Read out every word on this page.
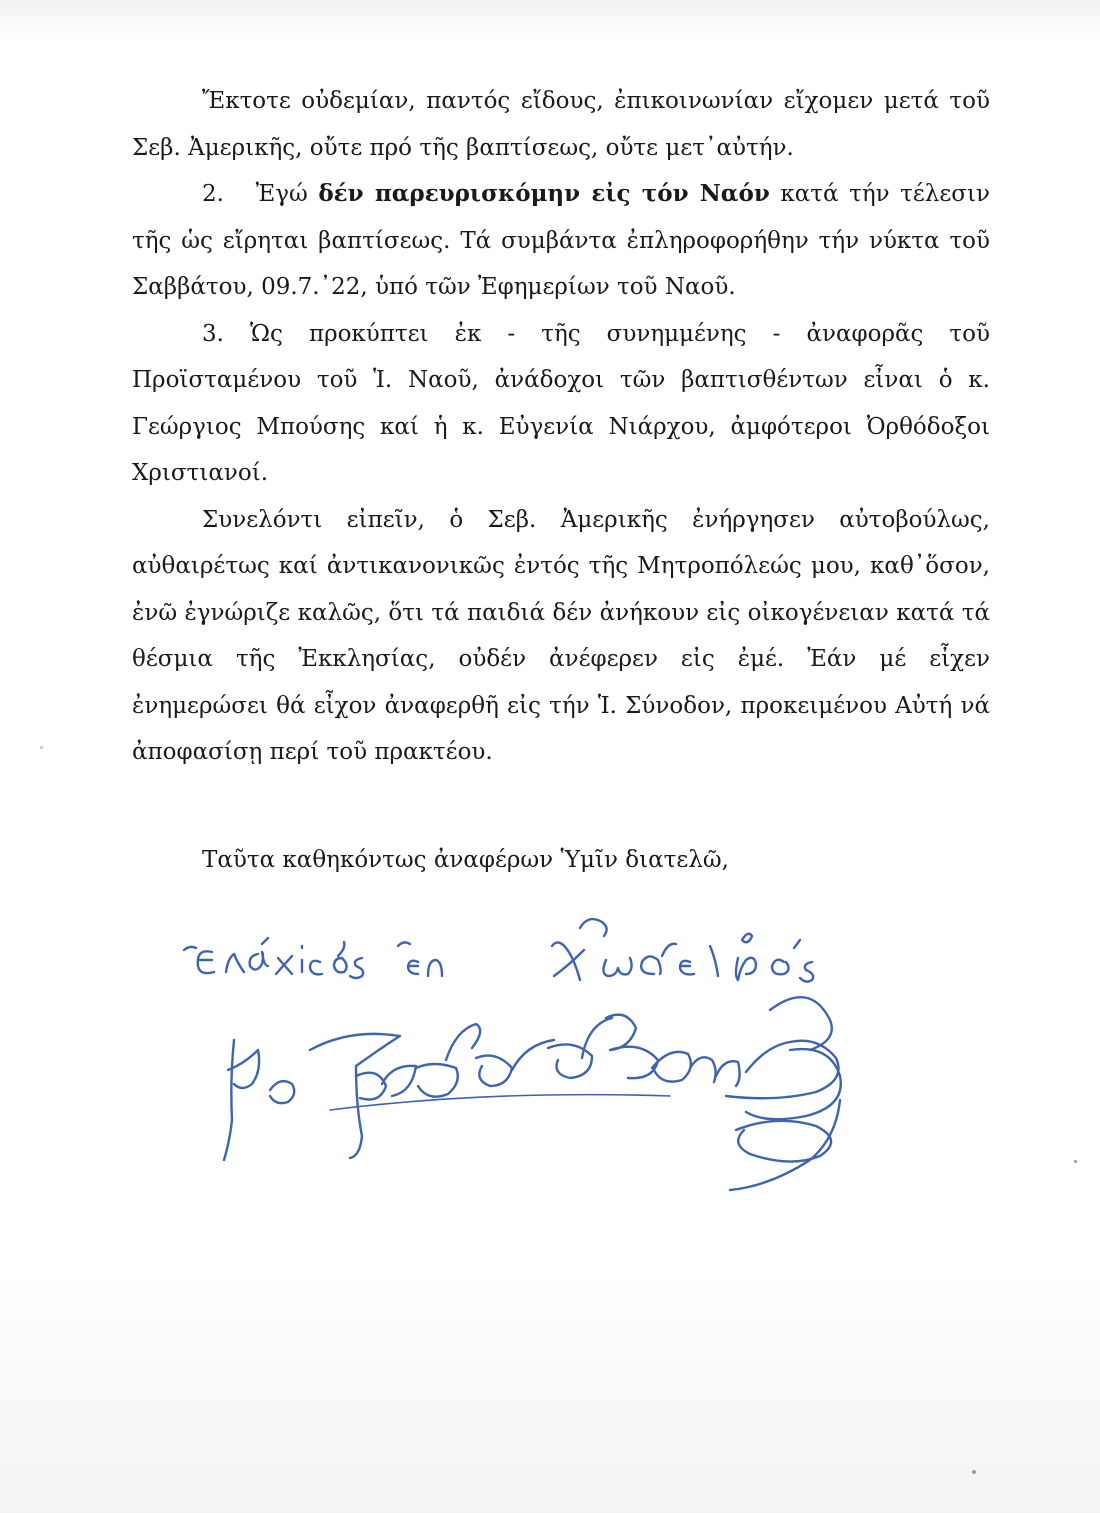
Ἔκτοτε οὐδεμίαν, παντός εἴδους, ἐπικοινωνίαν εἴχομεν μετά τοῦ Σεβ. Ἀμερικῆς, οὔτε πρό τῆς βαπτίσεως, οὔτε μετ᾽αὐτήν.

2.   Ἐγώ δέν παρευρισκόμην εἰς τόν Ναόν κατά τήν τέλεσιν τῆς ὡς εἴρηται βαπτίσεως. Τά συμβάντα ἐπληροφορήθην τήν νύκτα τοῦ Σαββάτου, 09.7.᾽22, ὑπό τῶν Ἐφημερίων τοῦ Ναοῦ.

3. Ὡς προκύπτει ἐκ - τῆς συνημμένης - ἀναφορᾶς τοῦ Προϊσταμένου τοῦ Ἱ. Ναοῦ, ἀνάδοχοι τῶν βαπτισθέντων εἶναι ὁ κ. Γεώργιος Μπούσης καί ἡ κ. Εὐγενία Νιάρχου, ἀμφότεροι Ὀρθόδοξοι Χριστιανοί.

Συνελόντι εἰπεῖν, ὁ Σεβ. Ἀμερικῆς ἐνήργησεν αὐτοβούλως, αὐθαιρέτως καί ἀντικανονικῶς ἐντός τῆς Μητροπόλεώς μου, καθ᾽ὅσον, ἐνῶ ἐγνώριζε καλῶς, ὅτι τά παιδιά δέν ἀνήκουν εἰς οἰκογένειαν κατά τά θέσμια τῆς Ἐκκλησίας, οὐδέν ἀνέφερεν εἰς ἐμέ. Ἐάν μέ εἶχεν ἐνημερώσει θά εἶχον ἀναφερθῆ εἰς τήν Ἱ. Σύνοδον, προκειμένου Αὐτή νά ἀποφασίσῃ περί τοῦ πρακτέου.

Ταῦτα καθηκόντως ἀναφέρων Ὑμῖν διατελῶ,
